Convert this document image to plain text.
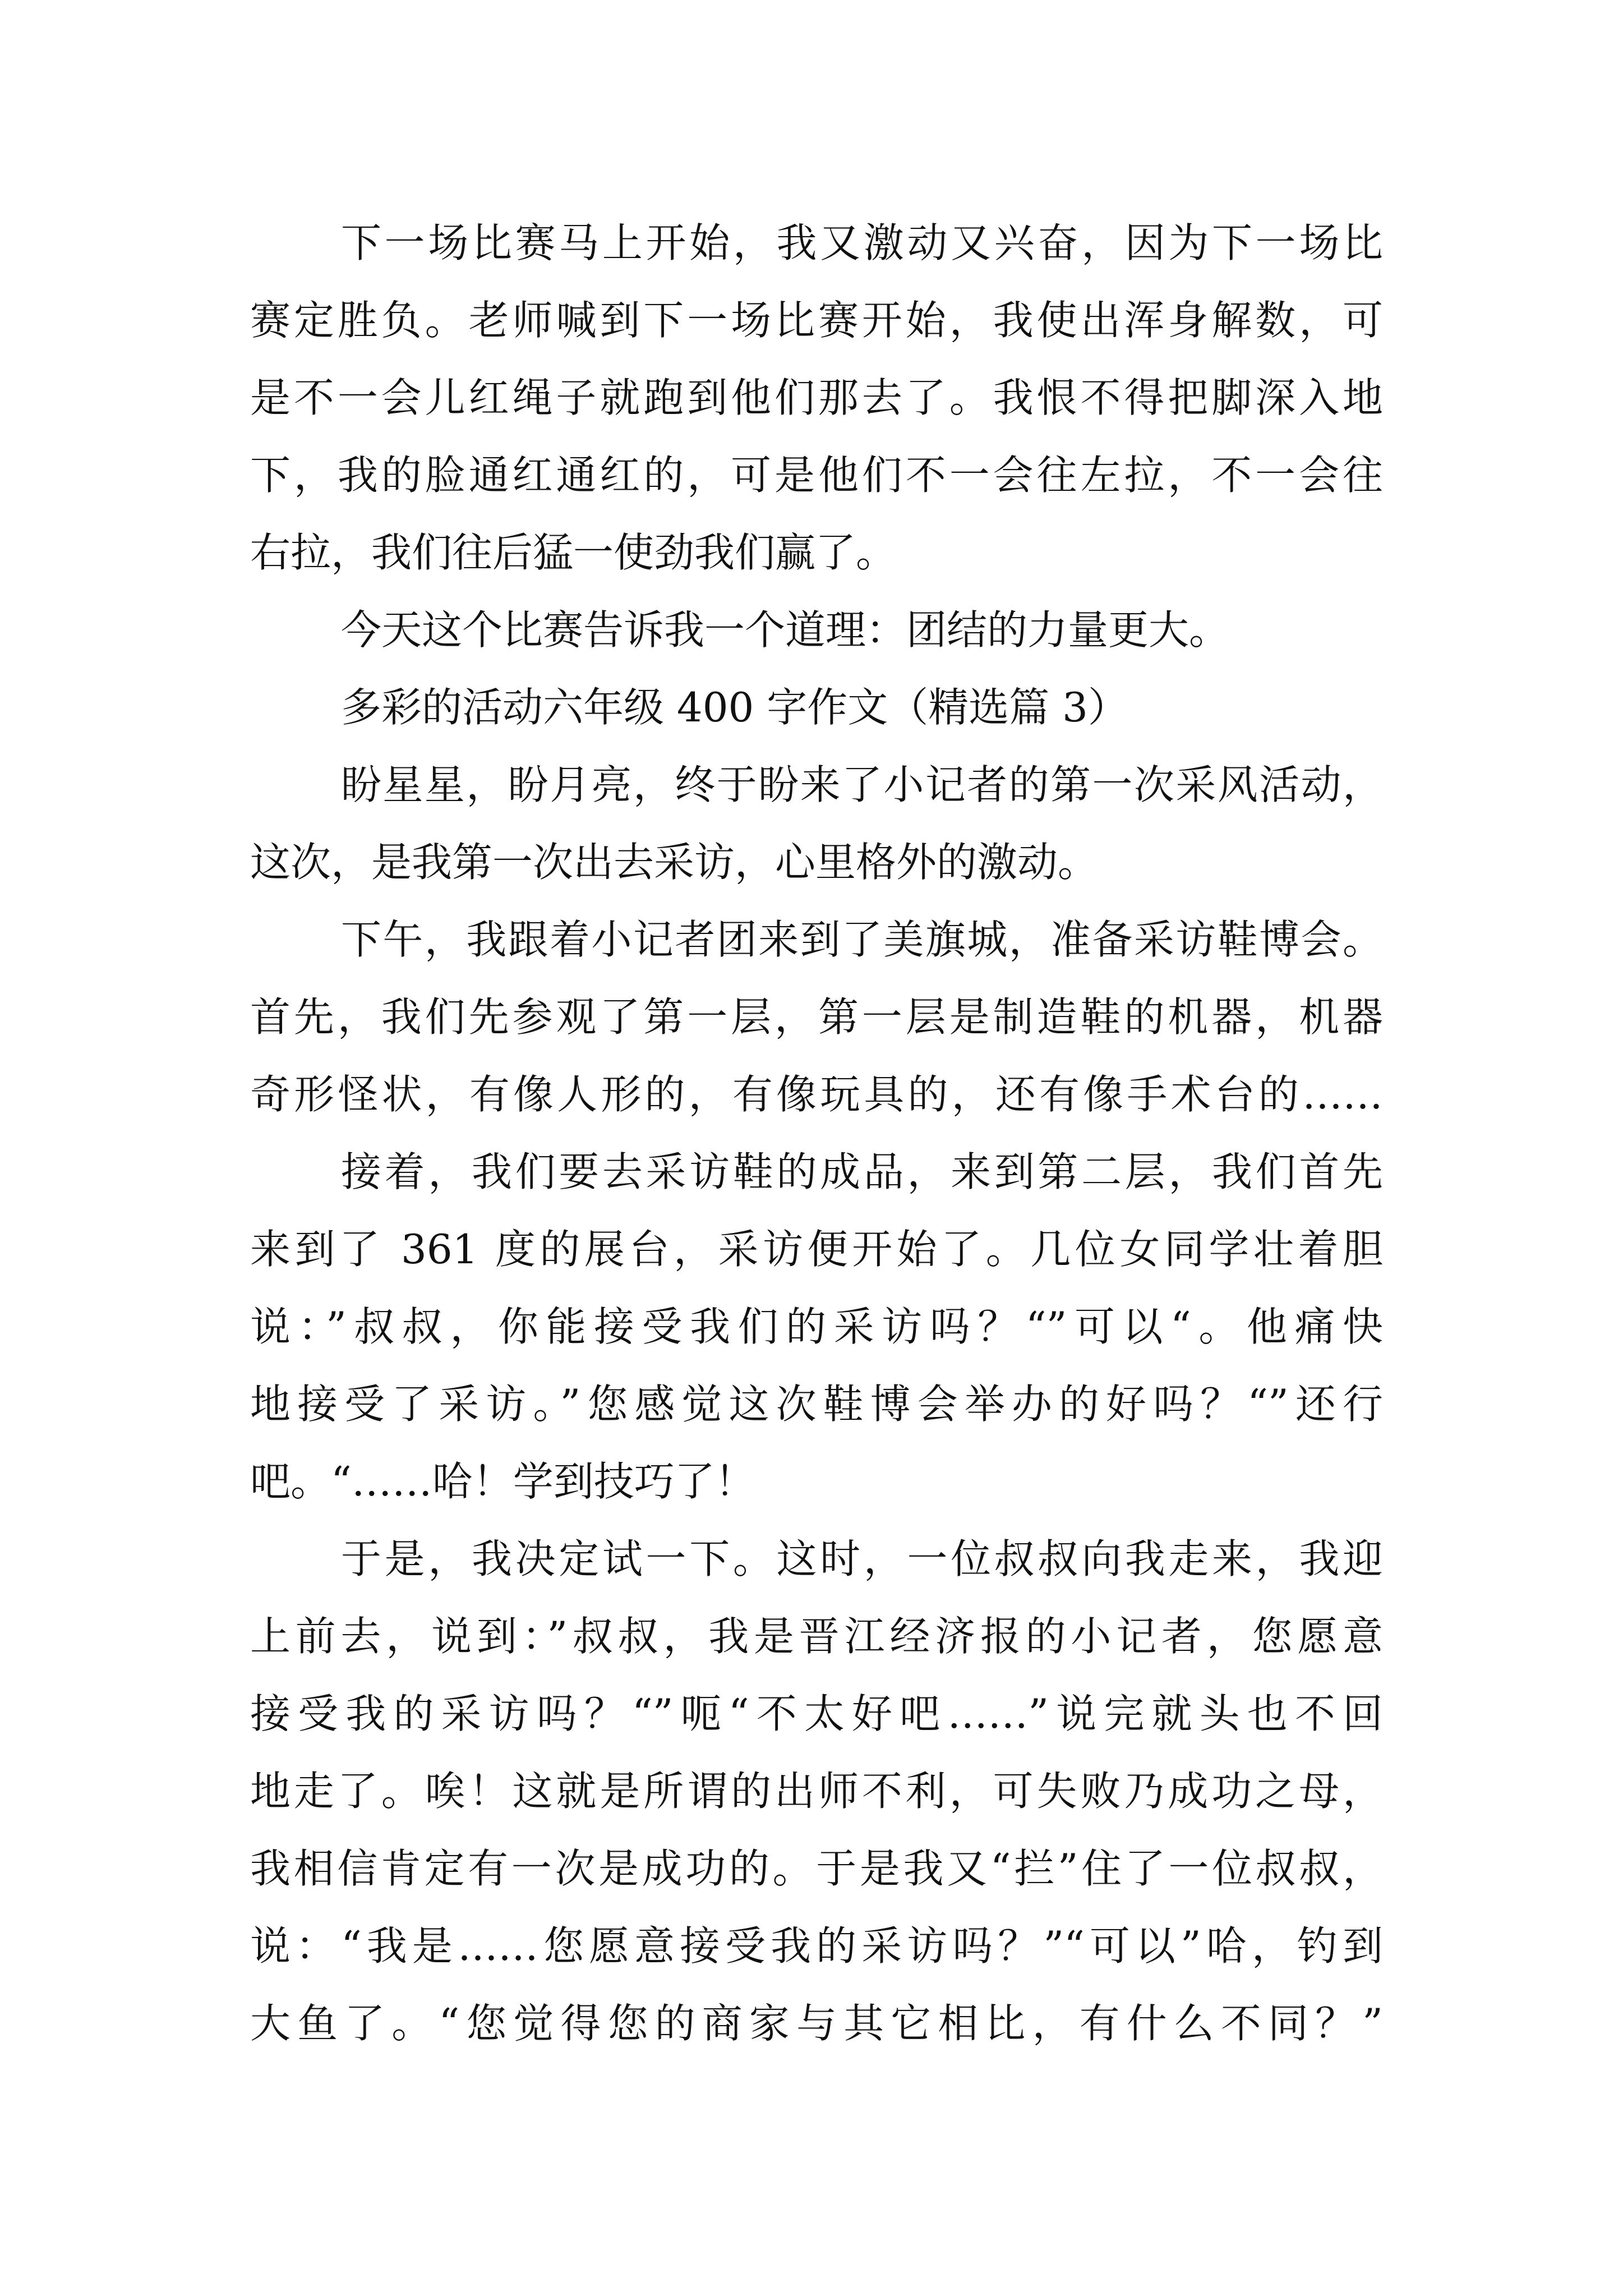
下一场比赛马上开始，我又激动又兴奋，因为下一场比
赛定胜负。老师喊到下一场比赛开始，我使出浑身解数，可
是不一会儿红绳子就跑到他们那去了。我恨不得把脚深入地
下，我的脸通红通红的，可是他们不一会往左拉，不一会往
右拉，我们往后猛一使劲我们赢了。
今天这个比赛告诉我一个道理：团结的力量更大。
多彩的活动六年级 400 字作文（精选篇 3）
盼星星，盼月亮，终于盼来了小记者的第一次采风活动，
这次，是我第一次出去采访，心里格外的激动。
下午，我跟着小记者团来到了美旗城，准备采访鞋博会。
首先，我们先参观了第一层，第一层是制造鞋的机器，机器
奇形怪状，有像人形的，有像玩具的，还有像手术台的……
接着，我们要去采访鞋的成品，来到第二层，我们首先
来到了 361 度的展台，采访便开始了。几位女同学壮着胆
说：”叔叔，你能接受我们的采访吗？“”可以“。他痛快
地接受了采访。”您感觉这次鞋博会举办的好吗？“”还行
吧。“……哈！学到技巧了！
于是，我决定试一下。这时，一位叔叔向我走来，我迎
上前去，说到：”叔叔，我是晋江经济报的小记者，您愿意
接受我的采访吗？“”呃“不太好吧……”说完就头也不回
地走了。唉！这就是所谓的出师不利，可失败乃成功之母，
我相信肯定有一次是成功的。于是我又“拦”住了一位叔叔，
说：“我是……您愿意接受我的采访吗？”“可以”哈，钓到
大鱼了。“您觉得您的商家与其它相比，有什么不同？”
